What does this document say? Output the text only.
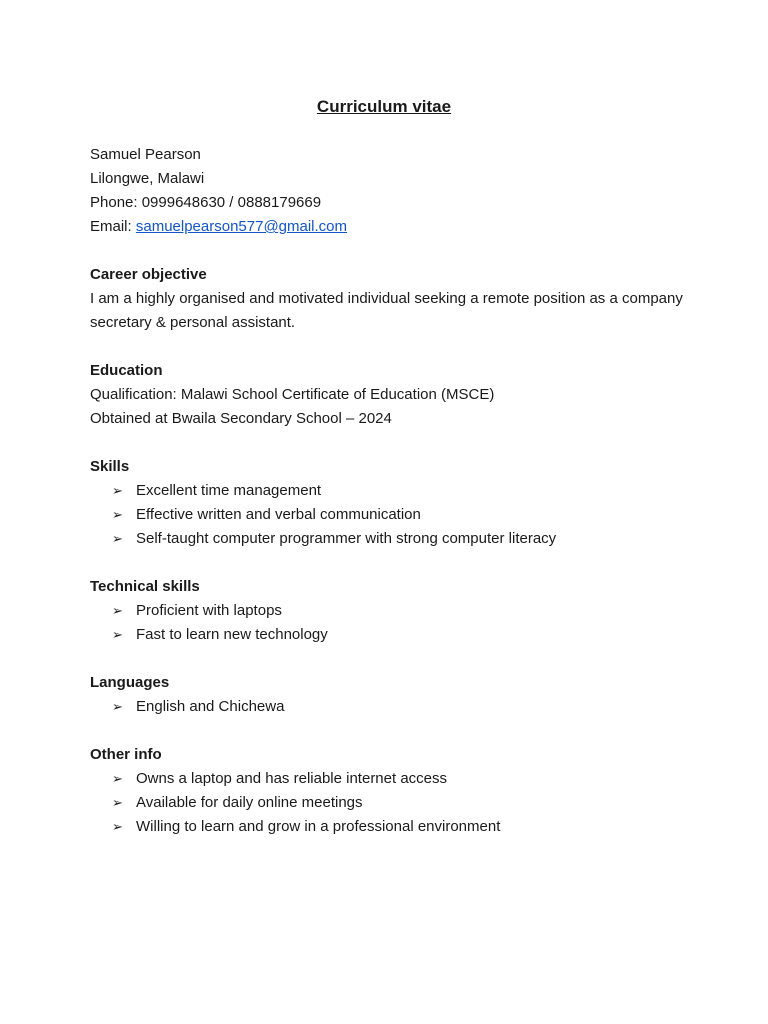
Curriculum vitae
Samuel Pearson
Lilongwe, Malawi
Phone: 0999648630 / 0888179669
Email: samuelpearson577@gmail.com
Career objective
I am a highly organised and motivated individual seeking a remote position as a company secretary & personal assistant.
Education
Qualification: Malawi School Certificate of Education (MSCE)
Obtained at Bwaila Secondary School – 2024
Skills
➢ Excellent time management
➢ Effective written and verbal communication
➢ Self-taught computer programmer with strong computer literacy
Technical skills
➢ Proficient with laptops
➢ Fast to learn new technology
Languages
➢ English and Chichewa
Other info
➢ Owns a laptop and has reliable internet access
➢ Available for daily online meetings
➢ Willing to learn and grow in a professional environment
